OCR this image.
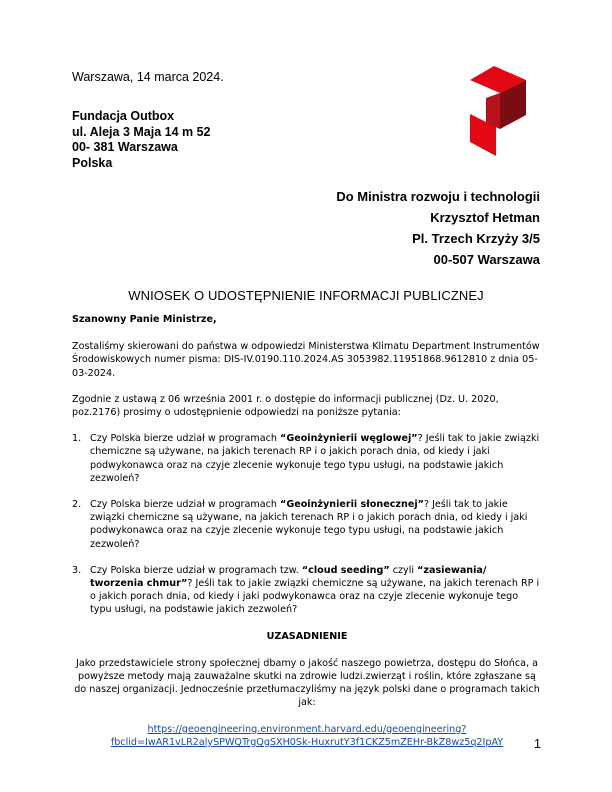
Warszawa, 14 marca 2024.
Fundacja Outbox
ul. Aleja 3 Maja 14 m 52
00- 381 Warszawa
Polska
Do Ministra rozwoju i technologii
Krzysztof Hetman
Pl. Trzech Krzyży 3/5
00-507 Warszawa
WNIOSEK O UDOSTĘPNIENIE INFORMACJI PUBLICZNEJ

Szanowny Panie Ministrze,

Zostaliśmy skierowani do państwa w odpowiedzi Ministerstwa Klimatu Department Instrumentów Środowiskowych numer pisma: DIS-IV.0190.110.2024.AS 3053982.11951868.9612810 z dnia 05-03-2024.

Zgodnie z ustawą z 06 września 2001 r. o dostępie do informacji publicznej (Dz. U. 2020, poz.2176) prosimy o udostępnienie odpowiedzi na poniższe pytania:

1. Czy Polska bierze udział w programach “Geoinżynierii węglowej”? Jeśli tak to jakie związki chemiczne są używane, na jakich terenach RP i o jakich porach dnia, od kiedy i jaki podwykonawca oraz na czyje zlecenie wykonuje tego typu usługi, na podstawie jakich zezwoleń?
2. Czy Polska bierze udział w programach “Geoinżynierii słonecznej”? Jeśli tak to jakie związki chemiczne są używane, na jakich terenach RP i o jakich porach dnia, od kiedy i jaki podwykonawca oraz na czyje zlecenie wykonuje tego typu usługi, na podstawie jakich zezwoleń?
3. Czy Polska bierze udział w programach tzw. “cloud seeding” czyli “zasiewania/ tworzenia chmur”? Jeśli tak to jakie związki chemiczne są używane, na jakich terenach RP i o jakich porach dnia, od kiedy i jaki podwykonawca oraz na czyje zlecenie wykonuje tego typu usługi, na podstawie jakich zezwoleń?

UZASADNIENIE

Jako przedstawiciele strony społecznej dbamy o jakość naszego powietrza, dostępu do Słońca, a powyższe metody mają zauważalne skutki na zdrowie ludzi.zwierząt i roślin, które zgłaszane są do naszej organizacji. Jednocześnie przetłumaczyliśmy na język polski dane o programach takich jak:

https://geoengineering.environment.harvard.edu/geoengineering?
fbclid=IwAR1vLR2alySPWQTrgQgSXH0Sk-HuxrutY3f1CKZ5mZEHr-BkZ8wz5q2IpAY	1
